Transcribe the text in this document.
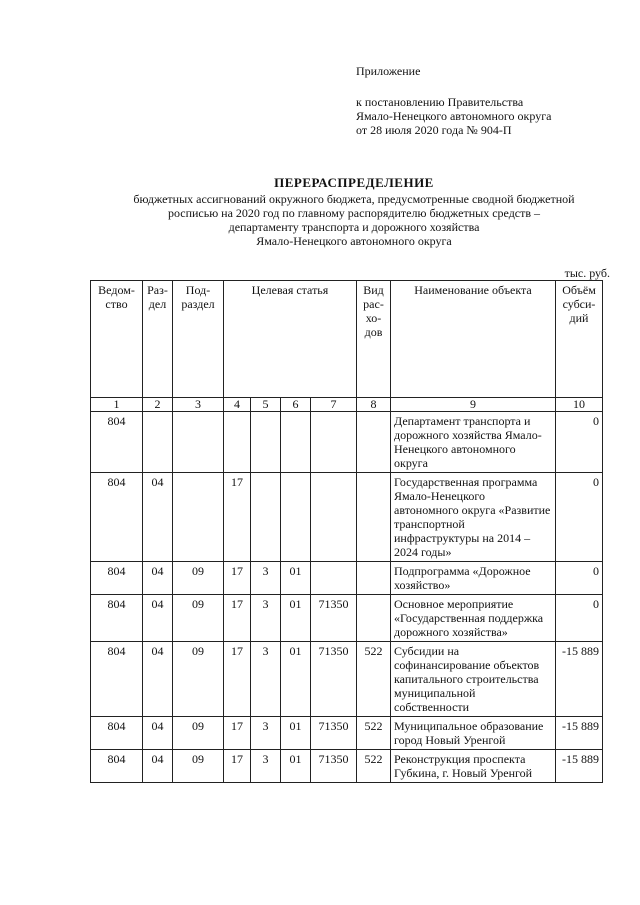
Приложение
к постановлению Правительства
Ямало-Ненецкого автономного округа
от 28 июля 2020 года № 904-П
ПЕРЕРАСПРЕДЕЛЕНИЕ
бюджетных ассигнований окружного бюджета, предусмотренные сводной бюджетной
росписью на 2020 год по главному распорядителю бюджетных средств –
департаменту транспорта и дорожного хозяйства
Ямало-Ненецкого автономного округа
тыс. руб.
Ведом-ство	Раз-дел	Под-раздел	Целевая статья				Вид рас-хо-дов	Наименование объекта	Объём субси-дий
1	2	3	4	5	6	7	8	9	10
804								Департамент транспорта и дорожного хозяйства Ямало-Ненецкого автономного округа	0
804	04		17					Государственная программа Ямало-Ненецкого автономного округа «Развитие транспортной инфраструктуры на 2014 – 2024 годы»	0
804	04	09	17	3	01			Подпрограмма «Дорожное хозяйство»	0
804	04	09	17	3	01	71350		Основное мероприятие «Государственная поддержка дорожного хозяйства»	0
804	04	09	17	3	01	71350	522	Субсидии на софинансирование объектов капитального строительства муниципальной собственности	-15 889
804	04	09	17	3	01	71350	522	Муниципальное образование город Новый Уренгой	-15 889
804	04	09	17	3	01	71350	522	Реконструкция проспекта Губкина, г. Новый Уренгой	-15 889
